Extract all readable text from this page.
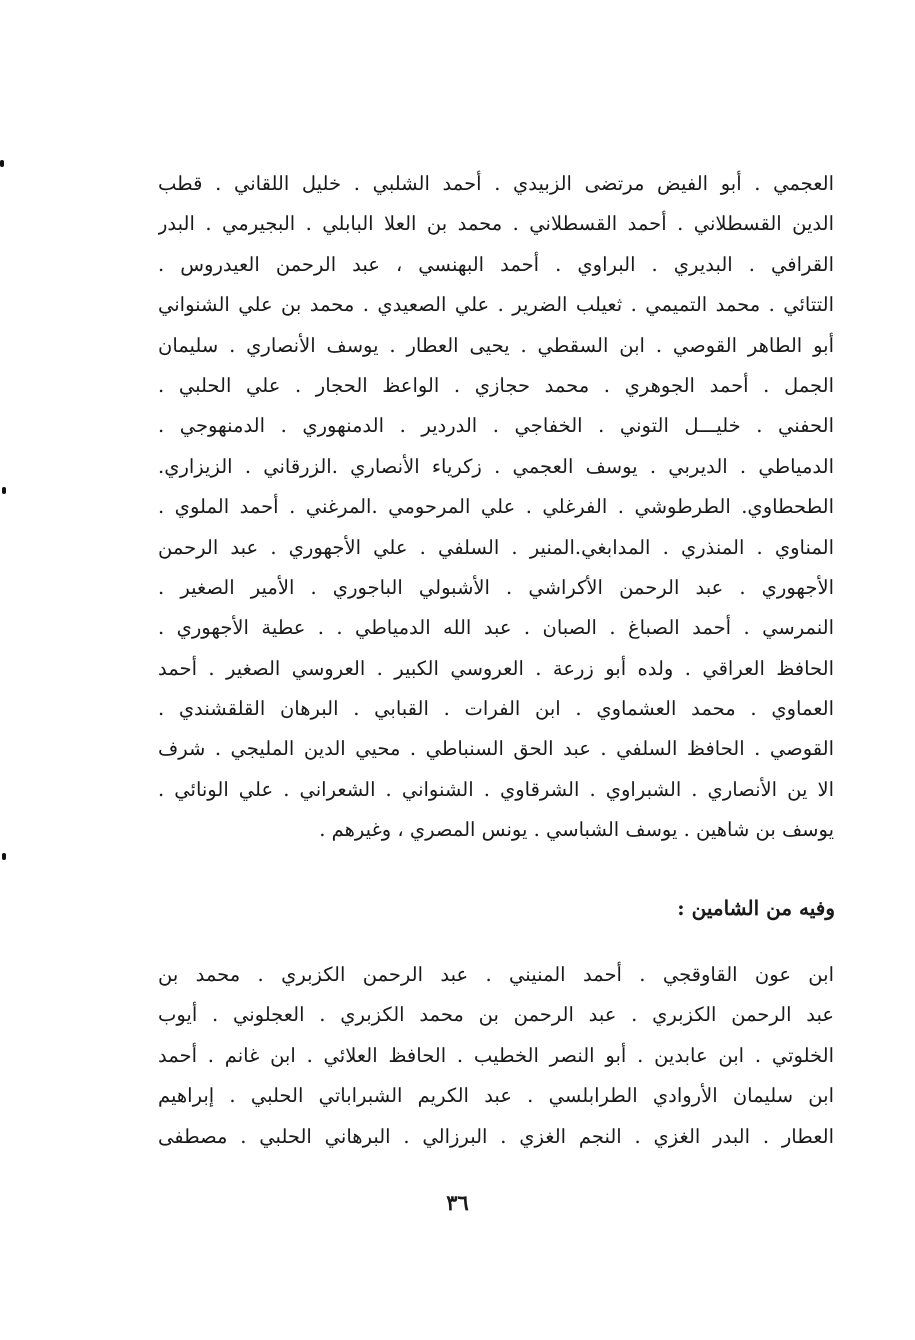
العجمي . أبو الفيض مرتضى الزبيدي . أحمد الشلبي . خليل اللقاني . قطب
الدين القسطلاني . أحمد القسطلاني . محمد بن العلا البابلي . البجيرمي . البدر
القرافي . البديري . البراوي . أحمد البهنسي ، عبد الرحمن العيدروس .
التتائي . محمد التميمي . ثعيلب الضرير . علي الصعيدي . محمد بن علي الشنواني
أبو الطاهر القوصي . ابن السقطي . يحيى العطار . يوسف الأنصاري . سليمان
الجمل . أحمد الجوهري . محمد حجازي . الواعظ الحجار . علي الحلبي .
الحفني . خليـــل التوني . الخفاجي . الدردير . الدمنهوري . الدمنهوجي .
الدمياطي . الديربي . يوسف العجمي . زكرياء الأنصاري .الزرقاني . الزيزاري.
الطحطاوي. الطرطوشي . الفرغلي . علي المرحومي .المرغني . أحمد الملوي .
المناوي . المنذري . المدابغي.المنير . السلفي . علي الأجهوري . عبد الرحمن
الأجهوري . عبد الرحمن الأكراشي . الأشبولي الباجوري . الأمير الصغير .
النمرسي . أحمد الصباغ . الصبان . عبد الله الدمياطي . . عطية الأجهوري .
الحافظ العراقي . ولده أبو زرعة . العروسي الكبير . العروسي الصغير . أحمد
العماوي . محمد العشماوي . ابن الفرات . القبابي . البرهان القلقشندي .
القوصي . الحافظ السلفي . عبد الحق السنباطي . محيي الدين المليجي . شرف
الا ين الأنصاري . الشبراوي . الشرقاوي . الشنواني . الشعراني . علي الونائي .
يوسف بن شاهين . يوسف الشباسي . يونس المصري ، وغيرهم .
وفيه من الشامين :
ابن عون القاوقجي . أحمد المنيني . عبد الرحمن الكزبري . محمد بن
عبد الرحمن الكزبري . عبد الرحمن بن محمد الكزبري . العجلوني . أيوب
الخلوتي . ابن عابدين . أبو النصر الخطيب . الحافظ العلائي . ابن غانم . أحمد
ابن سليمان الأروادي الطرابلسي . عبد الكريم الشبراباتي الحلبي . إبراهيم
العطار . البدر الغزي . النجم الغزي . البرزالي . البرهاني الحلبي . مصطفى
٣٦
